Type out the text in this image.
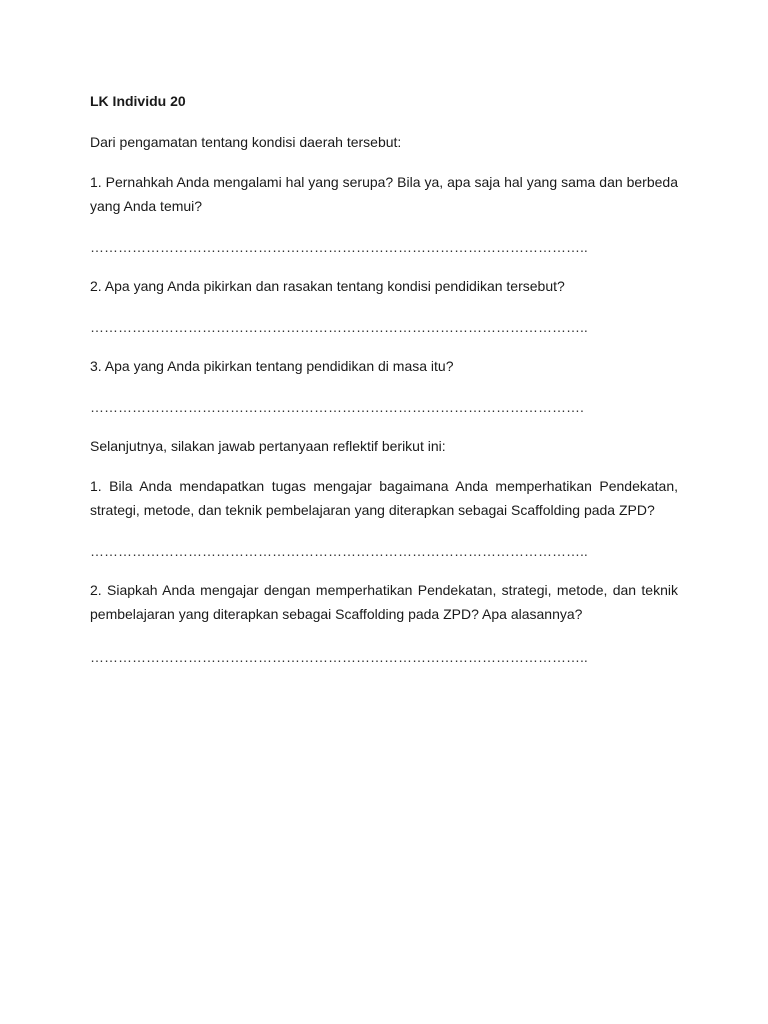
LK Individu 20
Dari pengamatan tentang kondisi daerah tersebut:
1. Pernahkah Anda mengalami hal yang serupa? Bila ya, apa saja hal yang sama dan berbeda
yang Anda temui?
……………………………………………………………………………………………..
2. Apa yang Anda pikirkan dan rasakan tentang kondisi pendidikan tersebut?
……………………………………………………………………………………………..
3. Apa yang Anda pikirkan tentang pendidikan di masa itu?
…………………………………………………………………………………………….
Selanjutnya, silakan jawab pertanyaan reflektif berikut ini:
1. Bila Anda mendapatkan tugas mengajar bagaimana Anda memperhatikan Pendekatan,
strategi, metode, dan teknik pembelajaran yang diterapkan sebagai Scaffolding pada ZPD?
……………………………………………………………………………………………..
2. Siapkah Anda mengajar dengan memperhatikan Pendekatan, strategi, metode, dan teknik
pembelajaran yang diterapkan sebagai Scaffolding pada ZPD? Apa alasannya?
……………………………………………………………………………………………..
